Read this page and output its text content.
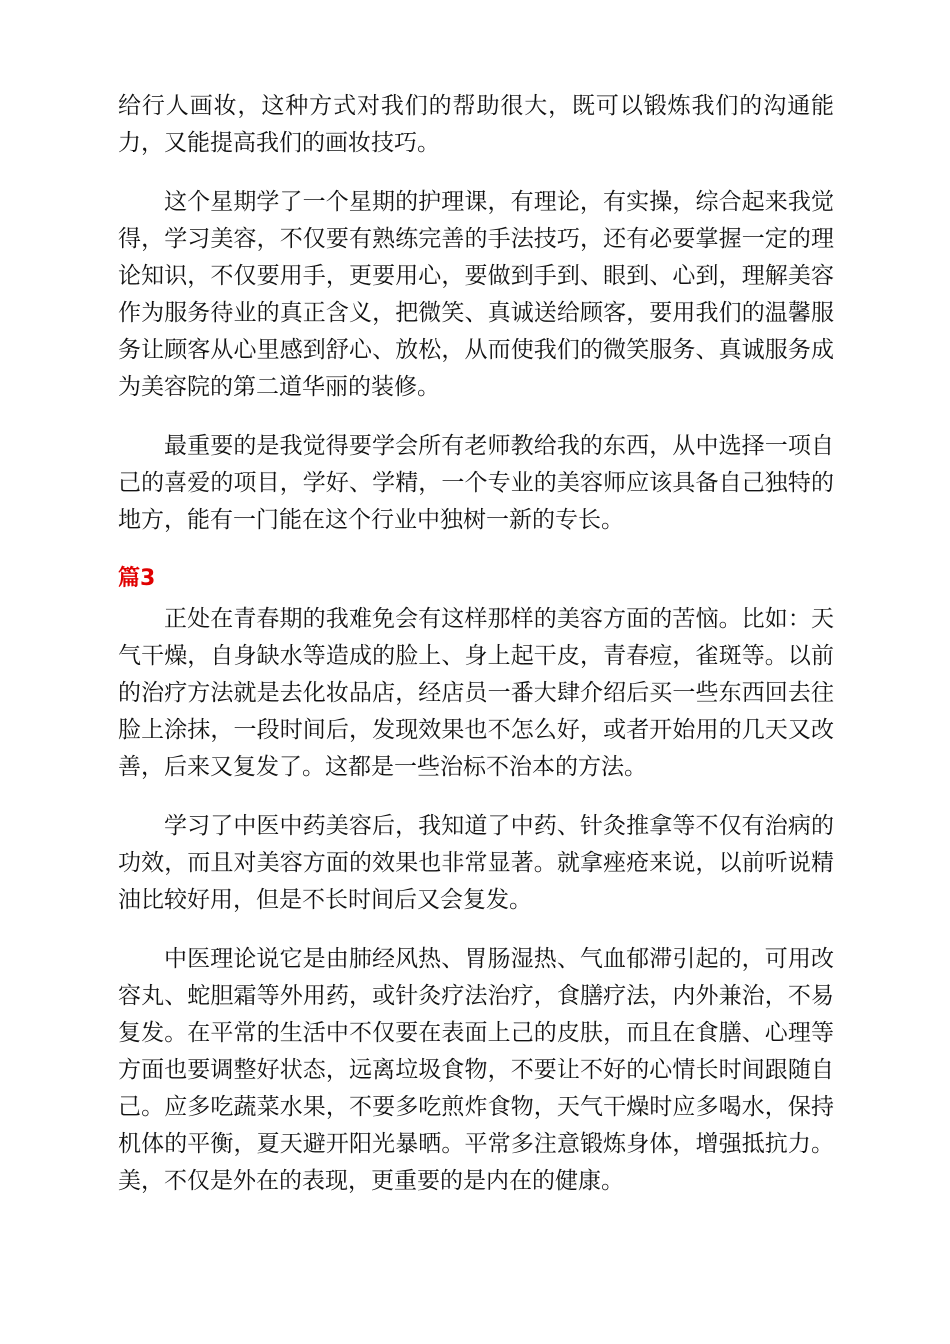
给行人画妆，这种方式对我们的帮助很大，既可以锻炼我们的沟通能力，又能提高我们的画妆技巧。

这个星期学了一个星期的护理课，有理论，有实操，综合起来我觉得，学习美容，不仅要有熟练完善的手法技巧，还有必要掌握一定的理论知识，不仅要用手，更要用心，要做到手到、眼到、心到，理解美容作为服务待业的真正含义，把微笑、真诚送给顾客，要用我们的温馨服务让顾客从心里感到舒心、放松，从而使我们的微笑服务、真诚服务成为美容院的第二道华丽的装修。

最重要的是我觉得要学会所有老师教给我的东西，从中选择一项自己的喜爱的项目，学好、学精，一个专业的美容师应该具备自己独特的地方，能有一门能在这个行业中独树一新的专长。

篇3

正处在青春期的我难免会有这样那样的美容方面的苦恼。比如：天气干燥，自身缺水等造成的脸上、身上起干皮，青春痘，雀斑等。以前的治疗方法就是去化妆品店，经店员一番大肆介绍后买一些东西回去往脸上涂抹，一段时间后，发现效果也不怎么好，或者开始用的几天又改善，后来又复发了。这都是一些治标不治本的方法。

学习了中医中药美容后，我知道了中药、针灸推拿等不仅有治病的功效，而且对美容方面的效果也非常显著。就拿痤疮来说，以前听说精油比较好用，但是不长时间后又会复发。

中医理论说它是由肺经风热、胃肠湿热、气血郁滞引起的，可用改容丸、蛇胆霜等外用药，或针灸疗法治疗，食膳疗法，内外兼治，不易复发。在平常的生活中不仅要在表面上己的皮肤，而且在食膳、心理等方面也要调整好状态，远离垃圾食物，不要让不好的心情长时间跟随自己。应多吃蔬菜水果，不要多吃煎炸食物，天气干燥时应多喝水，保持机体的平衡，夏天避开阳光暴晒。平常多注意锻炼身体，增强抵抗力。美，不仅是外在的表现，更重要的是内在的健康。
